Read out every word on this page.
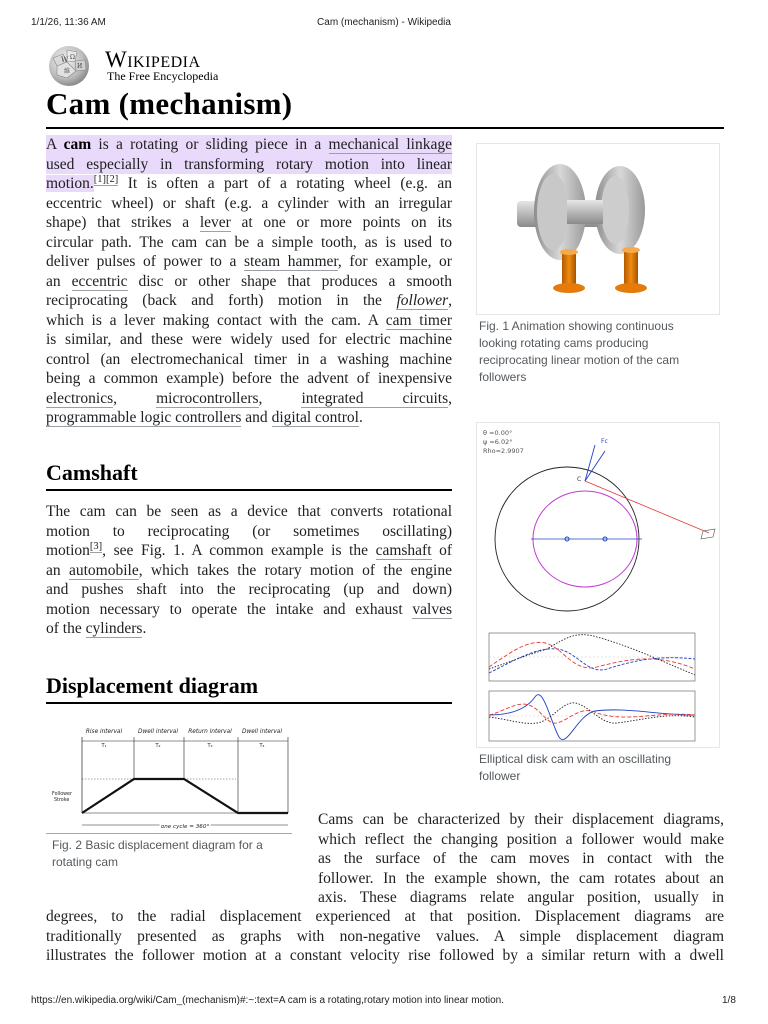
1/1/26, 11:36 AM	Cam (mechanism) - Wikipedia
W Ω
И
維 Wikipedia
The Free Encyclopedia
Cam (mechanism)
A cam is a rotating or sliding piece in a mechanical linkage
used especially in transforming rotary motion into linear
motion.[1][2] It is often a part of a rotating wheel (e.g. an
eccentric wheel) or shaft (e.g. a cylinder with an irregular
shape) that strikes a lever at one or more points on its
circular path. The cam can be a simple tooth, as is used to
deliver pulses of power to a steam hammer, for example, or
an eccentric disc or other shape that produces a smooth
reciprocating (back and forth) motion in the follower,
which is a lever making contact with the cam. A cam timer
is similar, and these were widely used for electric machine
control (an electromechanical timer in a washing machine
being a common example) before the advent of inexpensive
electronics, microcontrollers, integrated circuits,
programmable logic controllers and digital control.
Fig. 1 Animation showing continuous looking rotating cams producing reciprocating linear motion of the cam followers
Camshaft
The cam can be seen as a device that converts rotational
motion to reciprocating (or sometimes oscillating)
motion[3], see Fig. 1. A common example is the camshaft of
an automobile, which takes the rotary motion of the engine
and pushes shaft into the reciprocating (up and down)
motion necessary to operate the intake and exhaust valves
of the cylinders.
θ =0.00°
ψ =6.02°
Rho=2.9907
Fc
C
Elliptical disk cam with an oscillating follower
Displacement diagram
Rise interval	Dwell interval Return interval Dwell interval
T₁	T₂	T₃	T₄
Follower
Stroke
one cycle = 360°
Fig. 2 Basic displacement diagram for a rotating cam
Cams can be characterized by their displacement diagrams,
which reflect the changing position a follower would make
as the surface of the cam moves in contact with the
follower. In the example shown, the cam rotates about an
axis. These diagrams relate angular position, usually in
degrees, to the radial displacement experienced at that position. Displacement diagrams are
traditionally presented as graphs with non-negative values. A simple displacement diagram
illustrates the follower motion at a constant velocity rise followed by a similar return with a dwell
https://en.wikipedia.org/wiki/Cam_(mechanism)#:~:text=A cam is a rotating,rotary motion into linear motion.	1/8
